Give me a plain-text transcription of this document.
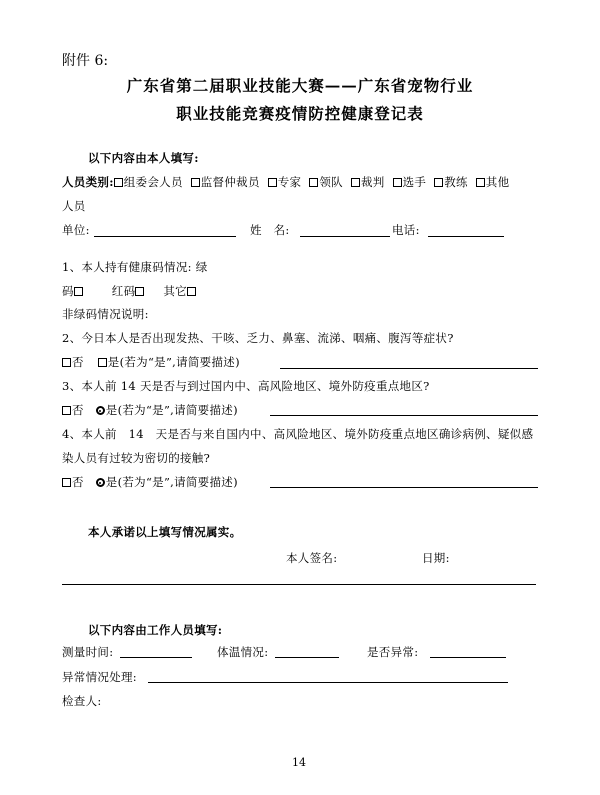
附件 6:
广东省第二届职业技能大赛——广东省宠物行业
职业技能竞赛疫情防控健康登记表
以下内容由本人填写:
人员类别: 组委会人员 监督仲裁员 专家 领队 裁判 选手 教练 其他
人员
单位:	姓　名:	电话:
1、本人持有健康码情况: 绿
码	红码 其它
非绿码情况说明:
2、今日本人是否出现发热、干咳、乏力、鼻塞、流涕、咽痛、腹泻等症状?
否 是(若为“是”,请简要描述)
3、本人前 14 天是否与到过国内中、高风险地区、境外防疫重点地区?
否 是(若为“是”,请简要描述)
4、本人前　14　天是否与来自国内中、高风险地区、境外防疫重点地区确诊病例、疑似感
染人员有过较为密切的接触?
否 是(若为“是”,请简要描述)
本人承诺以上填写情况属实。
本人签名:	日期:
以下内容由工作人员填写:
测量时间:	体温情况:	是否异常:
异常情况处理:
检查人:
14
